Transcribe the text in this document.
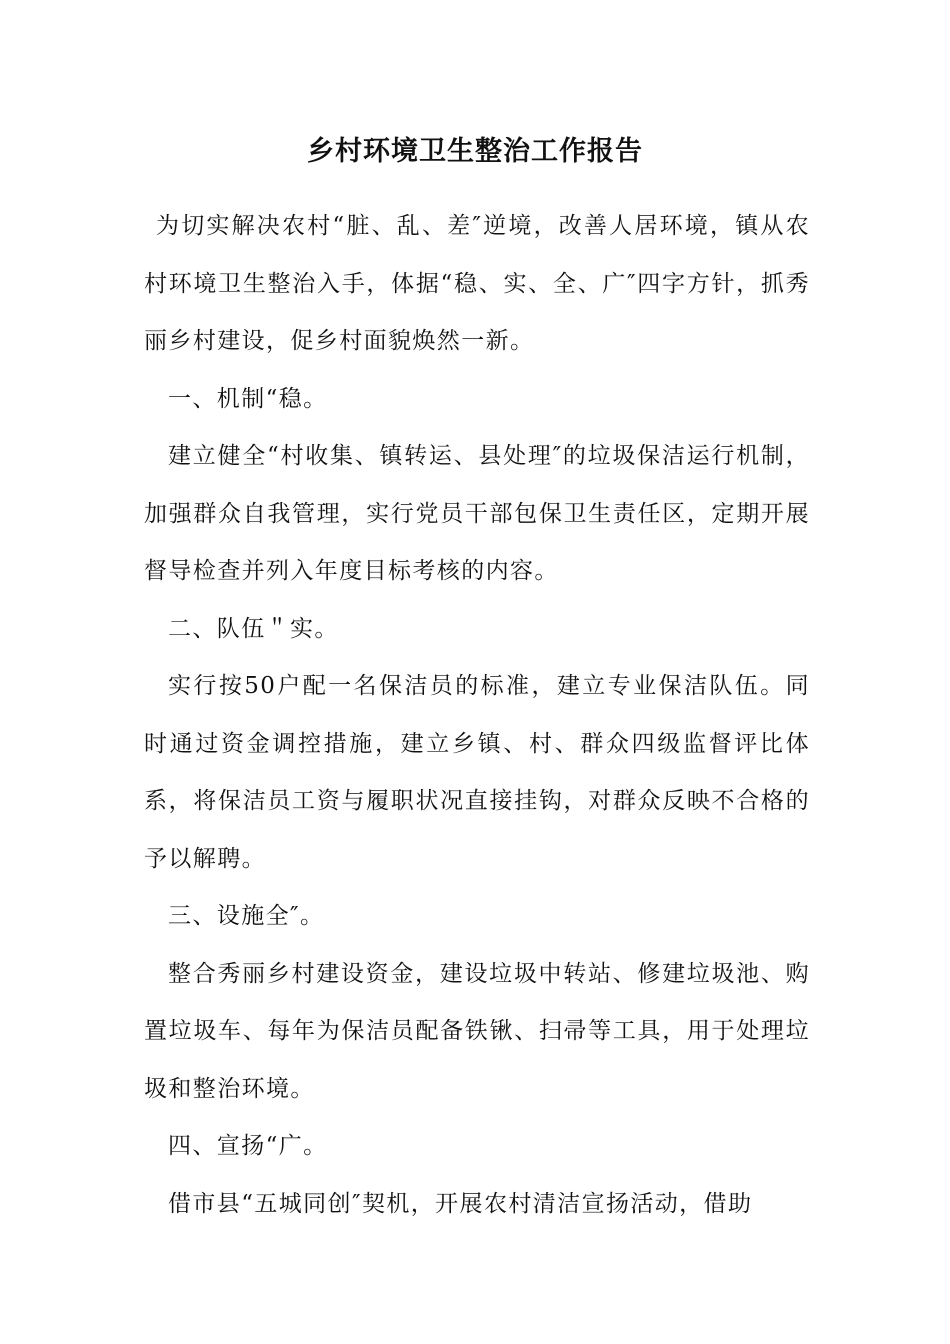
乡村环境卫生整治工作报告

为切实解决农村“脏、乱、差″逆境，改善人居环境，镇从农村环境卫生整治入手，体据“稳、实、全、广″四字方针，抓秀丽乡村建设，促乡村面貌焕然一新。

一、机制“稳。

建立健全“村收集、镇转运、县处理″的垃圾保洁运行机制，加强群众自我管理，实行党员干部包保卫生责任区，定期开展督导检查并列入年度目标考核的内容。

二、队伍＂实。

实行按50户配一名保洁员的标准，建立专业保洁队伍。同时通过资金调控措施，建立乡镇、村、群众四级监督评比体系，将保洁员工资与履职状况直接挂钩，对群众反映不合格的予以解聘。

三、设施全″。

整合秀丽乡村建设资金，建设垃圾中转站、修建垃圾池、购置垃圾车、每年为保洁员配备铁锹、扫帚等工具，用于处理垃圾和整治环境。

四、宣扬“广。

借市县“五城同创″契机，开展农村清洁宣扬活动，借助
